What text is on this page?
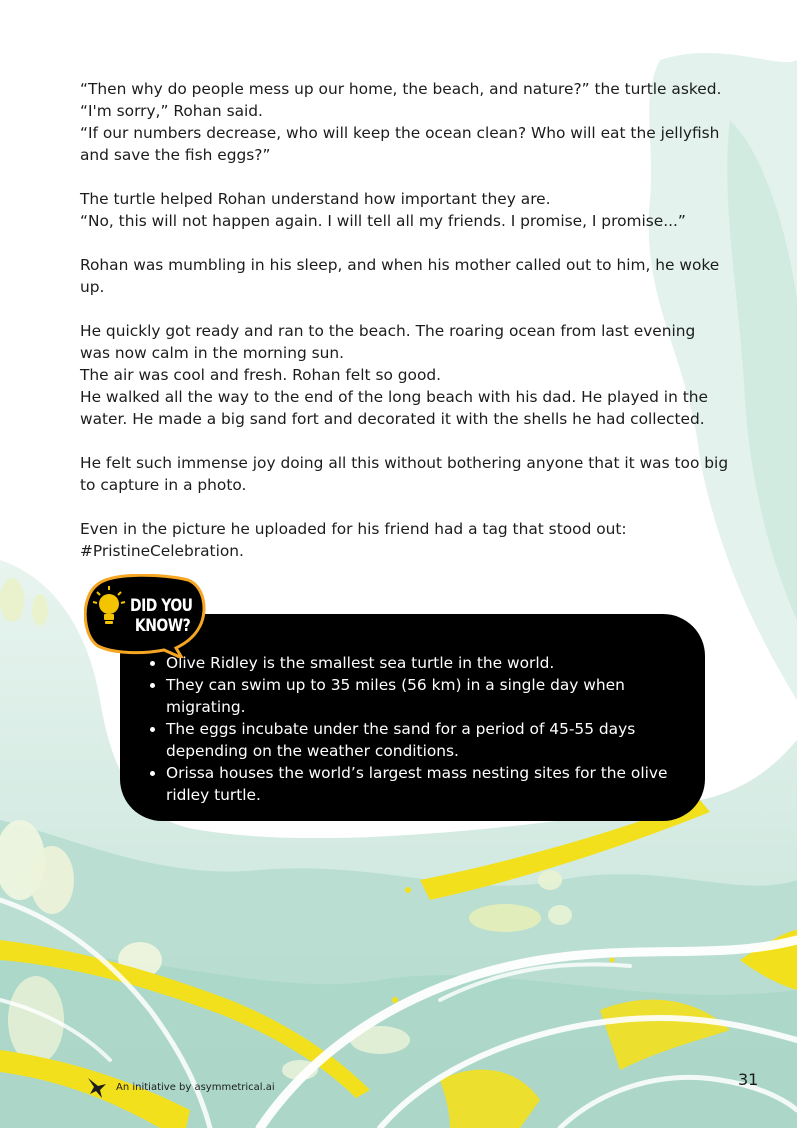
“Then why do people mess up our home, the beach, and nature?” the turtle asked.
“I'm sorry,” Rohan said.
“If our numbers decrease, who will keep the ocean clean? Who will eat the jellyfish and save the fish eggs?”

The turtle helped Rohan understand how important they are.
“No, this will not happen again. I will tell all my friends. I promise, I promise...”

Rohan was mumbling in his sleep, and when his mother called out to him, he woke up.

He quickly got ready and ran to the beach. The roaring ocean from last evening was now calm in the morning sun.
The air was cool and fresh. Rohan felt so good.
He walked all the way to the end of the long beach with his dad. He played in the water. He made a big sand fort and decorated it with the shells he had collected.

He felt such immense joy doing all this without bothering anyone that it was too big to capture in a photo.

Even in the picture he uploaded for his friend had a tag that stood out: #PristineCelebration.

DID YOU
KNOW?
• Olive Ridley is the smallest sea turtle in the world.
• They can swim up to 35 miles (56 km) in a single day when migrating.
• The eggs incubate under the sand for a period of 45-55 days depending on the weather conditions.
• Orissa houses the world’s largest mass nesting sites for the olive ridley turtle.
An initiative by asymmetrical.ai	31
